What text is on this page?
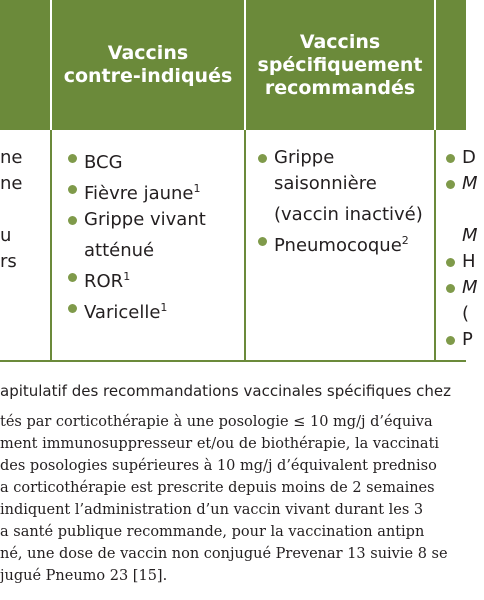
Vaccins
contre-indiqués
Vaccins
spécifiquement
recommandés
ne
ne
u
rs
BCG
Fièvre jaune$^1$
Grippe vivant atténué
ROR$^1$
Varicelle$^1$
Grippe saisonnière (vaccin inactivé)
Pneumocoque$^2$
D
M
M
H
M
(
P
apitulatif des recommandations vaccinales spécifiques chez
tés par corticothérapie à une posologie ≤ 10 mg/j d’équiva
ment immunosuppresseur et/ou de biothérapie, la vaccinati
des posologies supérieures à 10 mg/j d’équivalent predniso
a corticothérapie est prescrite depuis moins de 2 semaines
indiquent l’administration d’un vaccin vivant durant les 3
a santé publique recommande, pour la vaccination antipn
né, une dose de vaccin non conjugué Prevenar 13 suivie 8 se
jugué Pneumo 23 [15].
